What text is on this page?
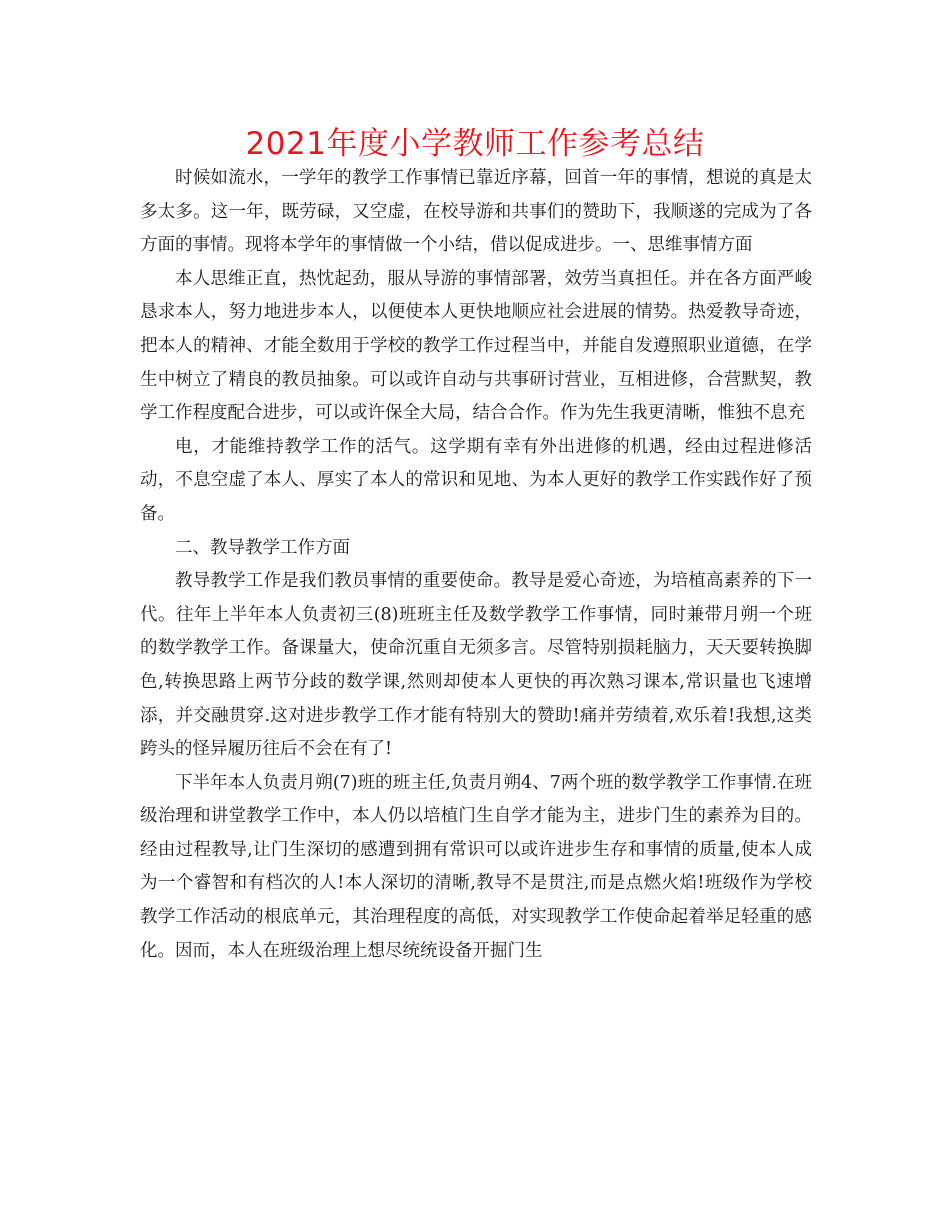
2021年度小学教师工作参考总结

时候如流水，一学年的教学工作事情已靠近序幕，回首一年的事情，想说的真是太多太多。这一年，既劳碌，又空虚，在校导游和共事们的赞助下，我顺遂的完成为了各方面的事情。现将本学年的事情做一个小结，借以促成进步。一、思维事情方面

本人思维正直，热忱起劲，服从导游的事情部署，效劳当真担任。并在各方面严峻恳求本人，努力地进步本人，以便使本人更快地顺应社会进展的情势。热爱教导奇迹，把本人的精神、才能全数用于学校的教学工作过程当中，并能自发遵照职业道德，在学生中树立了精良的教员抽象。可以或许自动与共事研讨营业，互相进修，合营默契，教学工作程度配合进步，可以或许保全大局，结合合作。作为先生我更清晰，惟独不息充

电，才能维持教学工作的活气。这学期有幸有外出进修的机遇，经由过程进修活动，不息空虚了本人、厚实了本人的常识和见地、为本人更好的教学工作实践作好了预备。

二、教导教学工作方面

教导教学工作是我们教员事情的重要使命。教导是爱心奇迹，为培植高素养的下一代。往年上半年本人负责初三(8)班班主任及数学教学工作事情，同时兼带月朔一个班的数学教学工作。备课量大，使命沉重自无须多言。尽管特别损耗脑力，天天要转换脚色,转换思路上两节分歧的数学课,然则却使本人更快的再次熟习课本,常识量也飞速增添，并交融贯穿.这对进步教学工作才能有特别大的赞助!痛并劳绩着,欢乐着!我想,这类跨头的怪异履历往后不会在有了!

下半年本人负责月朔(7)班的班主任,负责月朔4、7两个班的数学教学工作事情.在班级治理和讲堂教学工作中，本人仍以培植门生自学才能为主，进步门生的素养为目的。经由过程教导,让门生深切的感遭到拥有常识可以或许进步生存和事情的质量,使本人成为一个睿智和有档次的人!本人深切的清晰,教导不是贯注,而是点燃火焰!班级作为学校教学工作活动的根底单元，其治理程度的高低，对实现教学工作使命起着举足轻重的感化。因而，本人在班级治理上想尽统统设备开掘门生
